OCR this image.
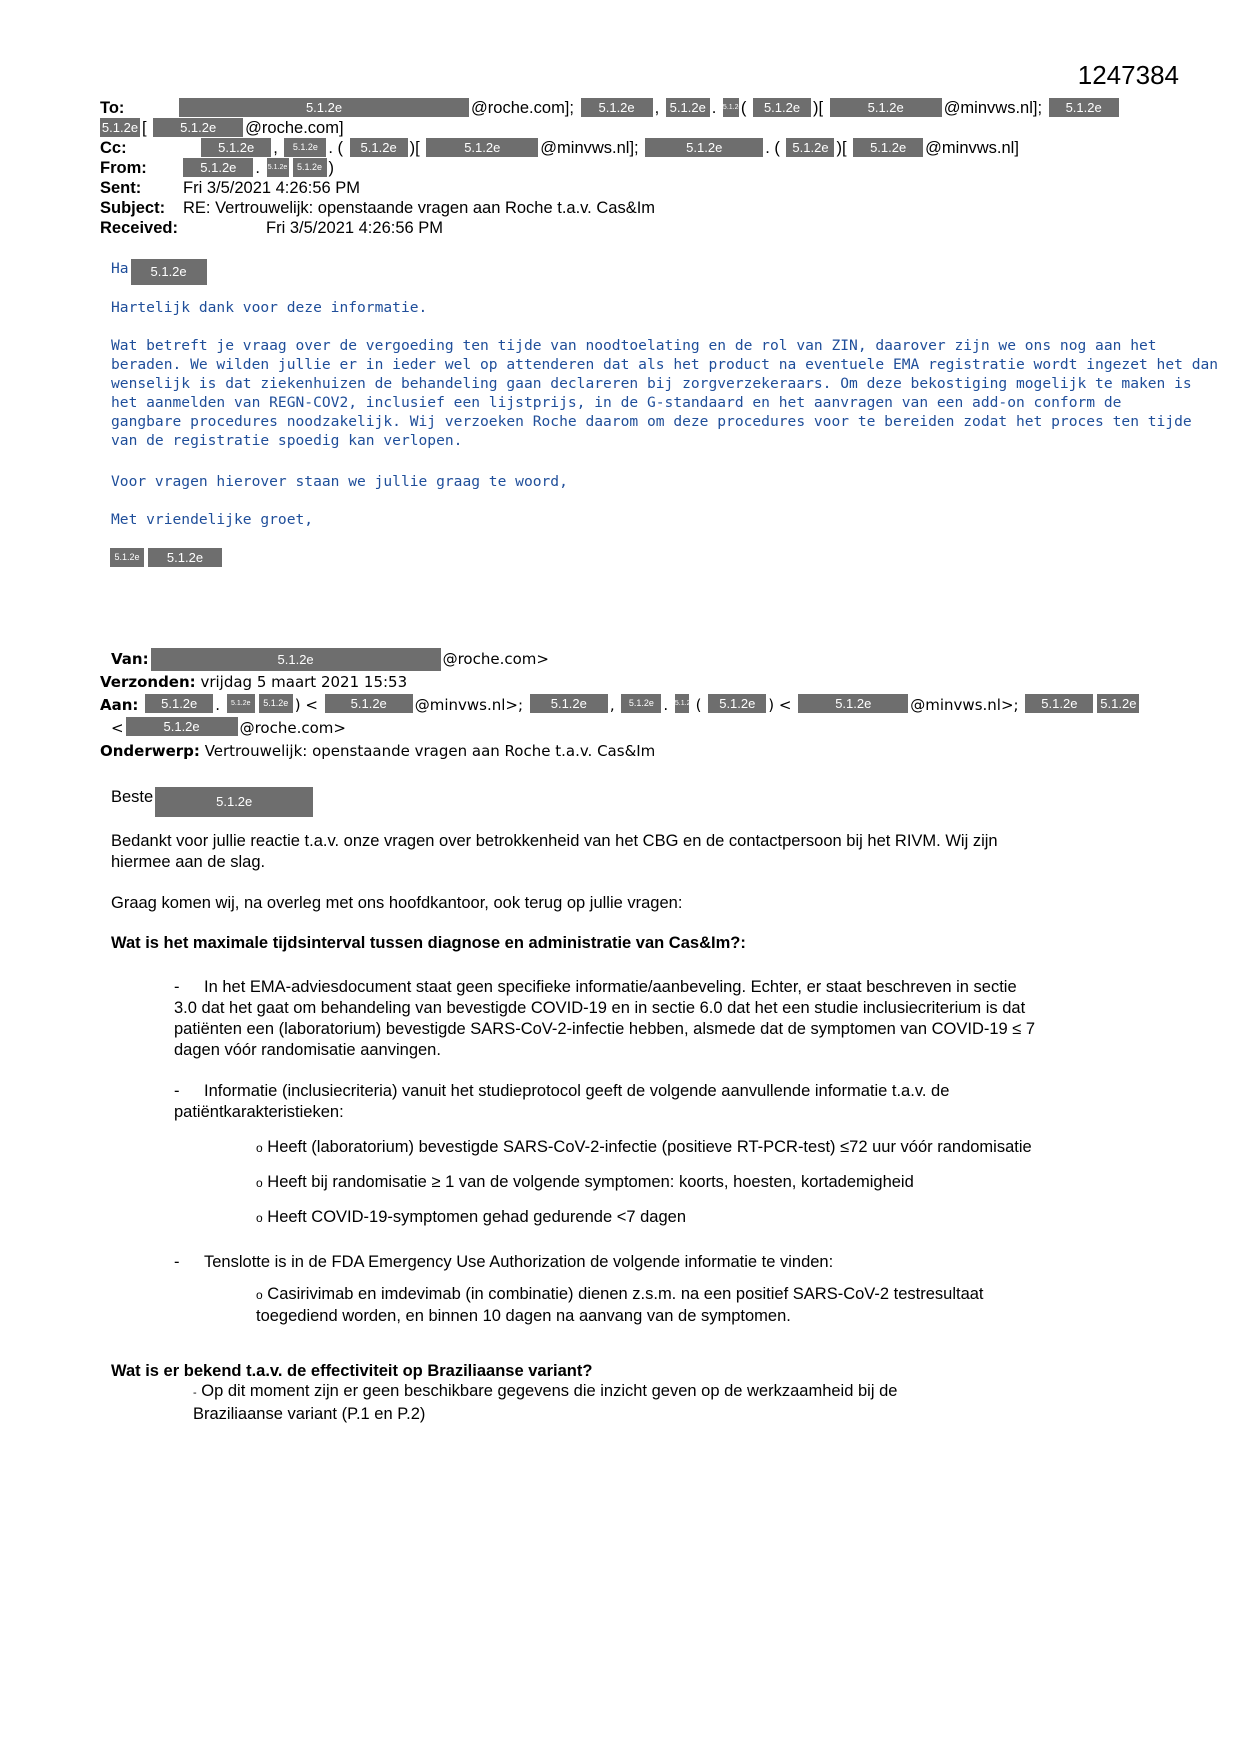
1247384
To:	5.1.2e	@roche.com]; 5.1.2e , 5.1.2e . 5.1.2e( 5.1.2e )[	5.1.2e @minvws.nl]; 5.1.2e
5.1.2e [ 5.1.2e @roche.com]
Cc:	5.1.2e , 5.1.2e . ( 5.1.2e )[	5.1.2e @minvws.nl];	5.1.2e	. ( 5.1.2e )[ 5.1.2e @minvws.nl]
From:	5.1.2e . 5.1.2e 5.1.2e )
Sent:	Fri 3/5/2021 4:26:56 PM
Subject: RE: Vertrouwelijk: openstaande vragen aan Roche t.a.v. Cas&Im
Received:	Fri 3/5/2021 4:26:56 PM
Ha 5.1.2e
Hartelijk dank voor deze informatie.

Wat betreft je vraag over de vergoeding ten tijde van noodtoelating en de rol van ZIN, daarover zijn we ons nog aan het

beraden. We wilden jullie er in ieder wel op attenderen dat als het product na eventuele EMA registratie wordt ingezet het dan

wenselijk is dat ziekenhuizen de behandeling gaan declareren bij zorgverzekeraars. Om deze bekostiging mogelijk te maken is

het aanmelden van REGN-COV2, inclusief een lijstprijs, in de G-standaard en het aanvragen van een add-on conform de

gangbare procedures noodzakelijk. Wij verzoeken Roche daarom om deze procedures voor te bereiden zodat het proces ten tijde

van de registratie spoedig kan verlopen.

Voor vragen hierover staan we jullie graag te woord,
Met vriendelijke groet,
5.1.2e 5.1.2e
Van:	5.1.2e	@roche.com>
Verzonden: vrijdag 5 maart 2021 15:53
Aan: 5.1.2e . 5.1.2e 5.1.2e ) < 5.1.2e @minvws.nl>; 5.1.2e , 5.1.2e . 5.1.2e ( 5.1.2e ) <	5.1.2e	@minvws.nl>; 5.1.2e 5.1.2e
<	5.1.2e	@roche.com>
Onderwerp: Vertrouwelijk: openstaande vragen aan Roche t.a.v. Cas&Im
Beste	5.1.2e

Bedankt voor jullie reactie t.a.v. onze vragen over betrokkenheid van het CBG en de contactpersoon bij het RIVM. Wij zijn

hiermee aan de slag.

Graag komen wij, na overleg met ons hoofdkantoor, ook terug op jullie vragen:
Wat is het maximale tijdsinterval tussen diagnose en administratie van Cas&Im?:
-	In het EMA-adviesdocument staat geen specifieke informatie/aanbeveling. Echter, er staat beschreven in sectie

3.0 dat het gaat om behandeling van bevestigde COVID-19 en in sectie 6.0 dat het een studie inclusiecriterium is dat

patiënten een (laboratorium) bevestigde SARS-CoV-2-infectie hebben, alsmede dat de symptomen van COVID-19 ≤ 7

dagen vóór randomisatie aanvingen.

-	Informatie (inclusiecriteria) vanuit het studieprotocol geeft de volgende aanvullende informatie t.a.v. de

patiëntkarakteristieken:

o Heeft (laboratorium) bevestigde SARS-CoV-2-infectie (positieve RT-PCR-test) ≤72 uur vóór randomisatie
o Heeft bij randomisatie ≥ 1 van de volgende symptomen: koorts, hoesten, kortademigheid
o Heeft COVID-19-symptomen gehad gedurende <7 dagen
- Tenslotte is in de FDA Emergency Use Authorization de volgende informatie te vinden:

o Casirivimab en imdevimab (in combinatie) dienen z.s.m. na een positief SARS-CoV-2 testresultaat

toegediend worden, en binnen 10 dagen na aanvang van de symptomen.

Wat is er bekend t.a.v. de effectiviteit op Braziliaanse variant?

- Op dit moment zijn er geen beschikbare gegevens die inzicht geven op de werkzaamheid bij de

Braziliaanse variant (P.1 en P.2)
